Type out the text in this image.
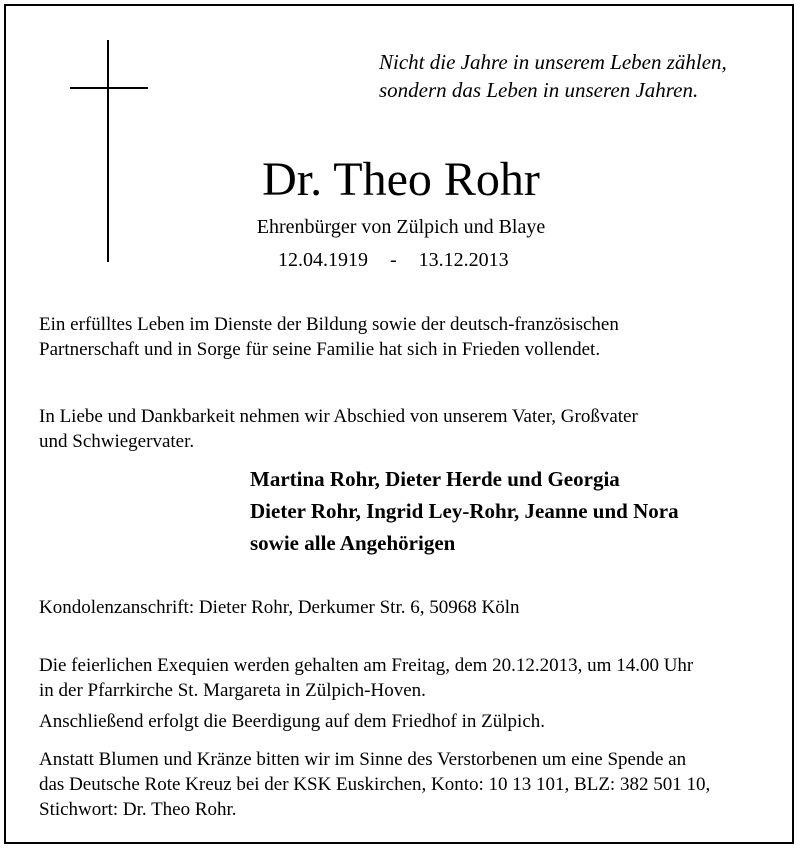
Nicht die Jahre in unserem Leben zählen,
sondern das Leben in unseren Jahren.

Dr. Theo Rohr

Ehrenbürger von Zülpich und Blaye

12.04.1919 - 13.12.2013

Ein erfülltes Leben im Dienste der Bildung sowie der deutsch-französischen
Partnerschaft und in Sorge für seine Familie hat sich in Frieden vollendet.

In Liebe und Dankbarkeit nehmen wir Abschied von unserem Vater, Großvater
und Schwiegervater.

Martina Rohr, Dieter Herde und Georgia
Dieter Rohr, Ingrid Ley-Rohr, Jeanne und Nora
sowie alle Angehörigen

Kondolenzanschrift: Dieter Rohr, Derkumer Str. 6, 50968 Köln

Die feierlichen Exequien werden gehalten am Freitag, dem 20.12.2013, um 14.00 Uhr
in der Pfarrkirche St. Margareta in Zülpich-Hoven.

Anschließend erfolgt die Beerdigung auf dem Friedhof in Zülpich.

Anstatt Blumen und Kränze bitten wir im Sinne des Verstorbenen um eine Spende an
das Deutsche Rote Kreuz bei der KSK Euskirchen, Konto: 10 13 101, BLZ: 382 501 10,
Stichwort: Dr. Theo Rohr.
